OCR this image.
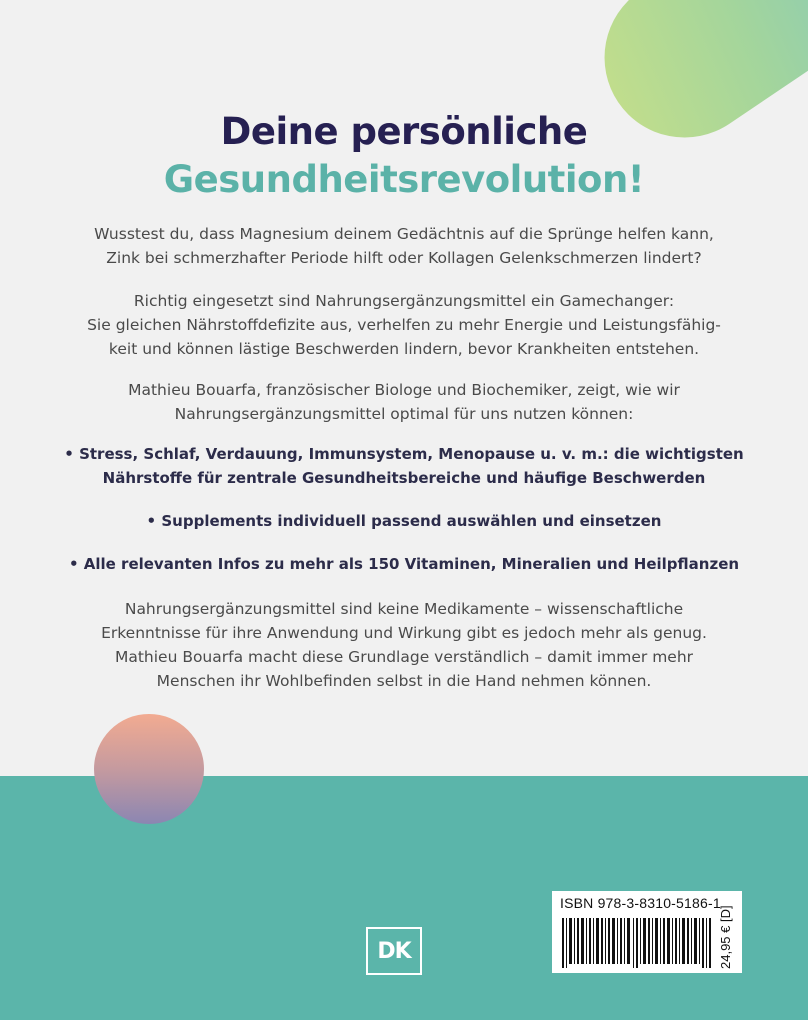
Deine persönliche
Gesundheitsrevolution!

Wusstest du, dass Magnesium deinem Gedächtnis auf die Sprünge helfen kann,

Zink bei schmerzhafter Periode hilft oder Kollagen Gelenkschmerzen lindert?

Richtig eingesetzt sind Nahrungsergänzungsmittel ein Gamechanger:

Sie gleichen Nährstoffdefizite aus, verhelfen zu mehr Energie und Leistungsfähig-

keit und können lästige Beschwerden lindern, bevor Krankheiten entstehen.

Mathieu Bouarfa, französischer Biologe und Biochemiker, zeigt, wie wir

Nahrungsergänzungsmittel optimal für uns nutzen können:

• Stress, Schlaf, Verdauung, Immunsystem, Menopause u. v. m.: die wichtigsten
Nährstoffe für zentrale Gesundheitsbereiche und häufige Beschwerden
• Supplements individuell passend auswählen und einsetzen
• Alle relevanten Infos zu mehr als 150 Vitaminen, Mineralien und Heilpflanzen

Nahrungsergänzungsmittel sind keine Medikamente – wissenschaftliche

Erkenntnisse für ihre Anwendung und Wirkung gibt es jedoch mehr als genug.

Mathieu Bouarfa macht diese Grundlage verständlich – damit immer mehr

Menschen ihr Wohlbefinden selbst in die Hand nehmen können.

DK
ISBN 978-3-8310-5186-1
24,95 € [D]
